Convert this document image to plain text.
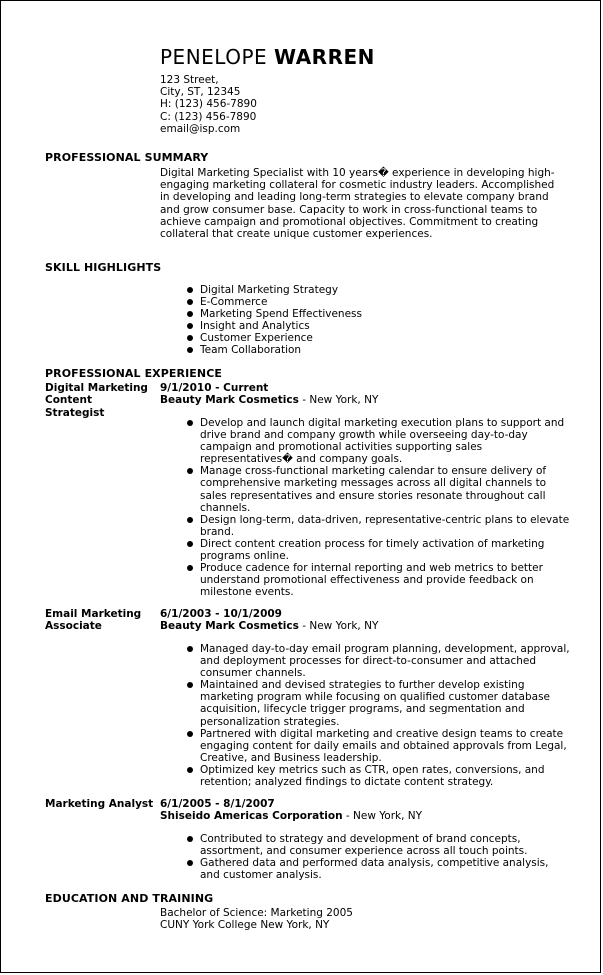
PENELOPE WARREN
123 Street,
City, ST, 12345
H: (123) 456-7890
C: (123) 456-7890
email@isp.com
PROFESSIONAL SUMMARY
Digital Marketing Specialist with 10 years� experience in developing high-engaging marketing collateral for cosmetic industry leaders. Accomplished in developing and leading long-term strategies to elevate company brand and grow consumer base. Capacity to work in cross-functional teams to achieve campaign and promotional objectives. Commitment to creating collateral that create unique customer experiences.
SKILL HIGHLIGHTS
Digital Marketing Strategy
E-Commerce
Marketing Spend Effectiveness
Insight and Analytics
Customer Experience
Team Collaboration
PROFESSIONAL EXPERIENCE
Digital Marketing Content Strategist
9/1/2010 - Current
Beauty Mark Cosmetics - New York, NY
Develop and launch digital marketing execution plans to support and drive brand and company growth while overseeing day-to-day campaign and promotional activities supporting sales representatives� and company goals.
Manage cross-functional marketing calendar to ensure delivery of comprehensive marketing messages across all digital channels to sales representatives and ensure stories resonate throughout call channels.
Design long-term, data-driven, representative-centric plans to elevate brand.
Direct content creation process for timely activation of marketing programs online.
Produce cadence for internal reporting and web metrics to better understand promotional effectiveness and provide feedback on milestone events.
Email Marketing Associate
6/1/2003 - 10/1/2009
Beauty Mark Cosmetics - New York, NY
Managed day-to-day email program planning, development, approval, and deployment processes for direct-to-consumer and attached consumer channels.
Maintained and devised strategies to further develop existing marketing program while focusing on qualified customer database acquisition, lifecycle trigger programs, and segmentation and personalization strategies.
Partnered with digital marketing and creative design teams to create engaging content for daily emails and obtained approvals from Legal, Creative, and Business leadership.
Optimized key metrics such as CTR, open rates, conversions, and retention; analyzed findings to dictate content strategy.
Marketing Analyst 6/1/2005 - 8/1/2007
Shiseido Americas Corporation - New York, NY
Contributed to strategy and development of brand concepts, assortment, and consumer experience across all touch points.
Gathered data and performed data analysis, competitive analysis, and customer analysis.
EDUCATION AND TRAINING
Bachelor of Science: Marketing 2005
CUNY York College New York, NY
